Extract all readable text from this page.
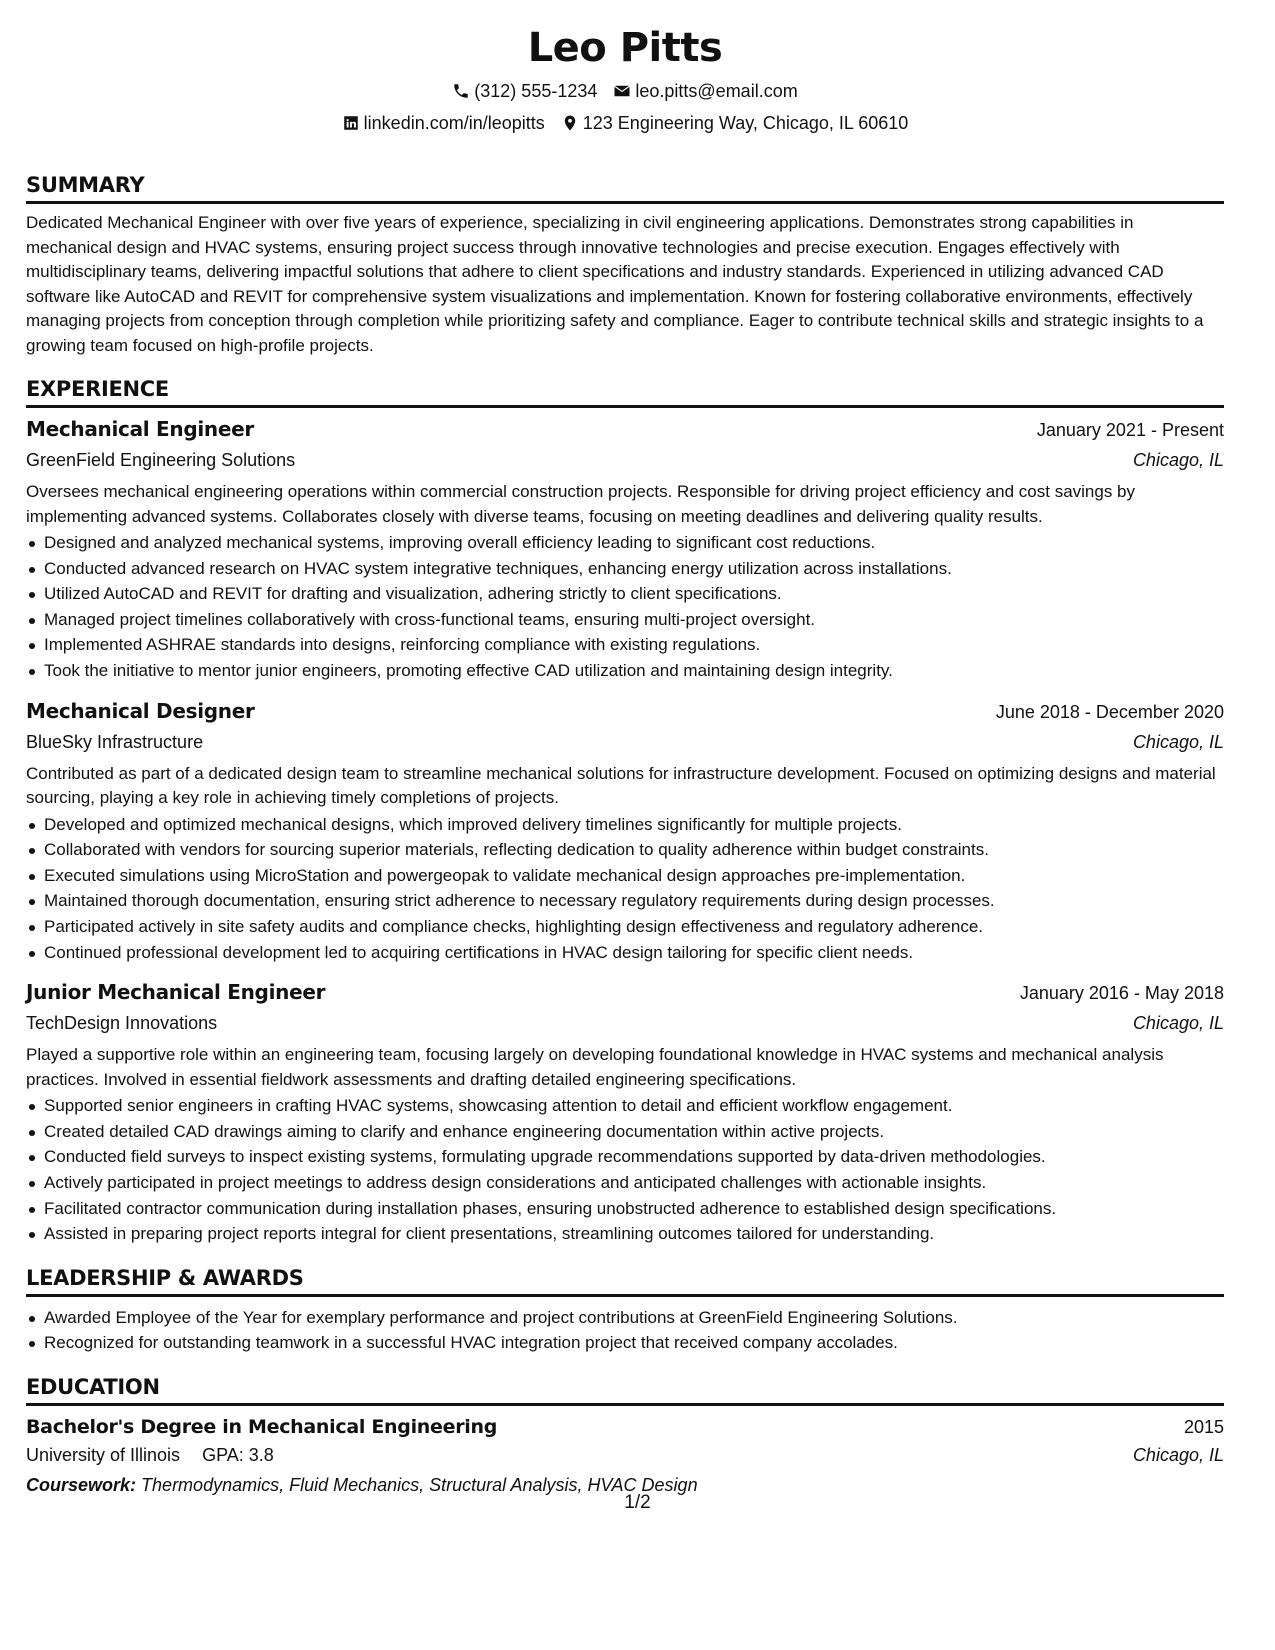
Leo Pitts
(312) 555-1234 leo.pitts@email.com
linkedin.com/in/leopitts 123 Engineering Way, Chicago, IL 60610
SUMMARY

Dedicated Mechanical Engineer with over five years of experience, specializing in civil engineering applications. Demonstrates strong capabilities in mechanical design and HVAC systems, ensuring project success through innovative technologies and precise execution. Engages effectively with multidisciplinary teams, delivering impactful solutions that adhere to client specifications and industry standards. Experienced in utilizing advanced CAD software like AutoCAD and REVIT for comprehensive system visualizations and implementation. Known for fostering collaborative environments, effectively managing projects from conception through completion while prioritizing safety and compliance. Eager to contribute technical skills and strategic insights to a growing team focused on high-profile projects.

EXPERIENCE
Mechanical Engineer	January 2021 - Present
GreenField Engineering Solutions	Chicago, IL

Oversees mechanical engineering operations within commercial construction projects. Responsible for driving project efficiency and cost savings by implementing advanced systems. Collaborates closely with diverse teams, focusing on meeting deadlines and delivering quality results.

Designed and analyzed mechanical systems, improving overall efficiency leading to significant cost reductions.
Conducted advanced research on HVAC system integrative techniques, enhancing energy utilization across installations.
Utilized AutoCAD and REVIT for drafting and visualization, adhering strictly to client specifications.
Managed project timelines collaboratively with cross-functional teams, ensuring multi-project oversight.
Implemented ASHRAE standards into designs, reinforcing compliance with existing regulations.
Took the initiative to mentor junior engineers, promoting effective CAD utilization and maintaining design integrity.
Mechanical Designer	June 2018 - December 2020
BlueSky Infrastructure	Chicago, IL

Contributed as part of a dedicated design team to streamline mechanical solutions for infrastructure development. Focused on optimizing designs and material sourcing, playing a key role in achieving timely completions of projects.

Developed and optimized mechanical designs, which improved delivery timelines significantly for multiple projects.
Collaborated with vendors for sourcing superior materials, reflecting dedication to quality adherence within budget constraints.
Executed simulations using MicroStation and powergeopak to validate mechanical design approaches pre-implementation.
Maintained thorough documentation, ensuring strict adherence to necessary regulatory requirements during design processes.
Participated actively in site safety audits and compliance checks, highlighting design effectiveness and regulatory adherence.
Continued professional development led to acquiring certifications in HVAC design tailoring for specific client needs.
Junior Mechanical Engineer	January 2016 - May 2018
TechDesign Innovations	Chicago, IL

Played a supportive role within an engineering team, focusing largely on developing foundational knowledge in HVAC systems and mechanical analysis practices. Involved in essential fieldwork assessments and drafting detailed engineering specifications.

Supported senior engineers in crafting HVAC systems, showcasing attention to detail and efficient workflow engagement.
Created detailed CAD drawings aiming to clarify and enhance engineering documentation within active projects.
Conducted field surveys to inspect existing systems, formulating upgrade recommendations supported by data-driven methodologies.
Actively participated in project meetings to address design considerations and anticipated challenges with actionable insights.
Facilitated contractor communication during installation phases, ensuring unobstructed adherence to established design specifications.
Assisted in preparing project reports integral for client presentations, streamlining outcomes tailored for understanding.
LEADERSHIP & AWARDS
Awarded Employee of the Year for exemplary performance and project contributions at GreenField Engineering Solutions.
Recognized for outstanding teamwork in a successful HVAC integration project that received company accolades.
EDUCATION
Bachelor's Degree in Mechanical Engineering	2015
University of Illinois GPA: 3.8	Chicago, IL
Coursework: Thermodynamics, Fluid Mechanics, Structural Analysis, HVAC Design
1/2
